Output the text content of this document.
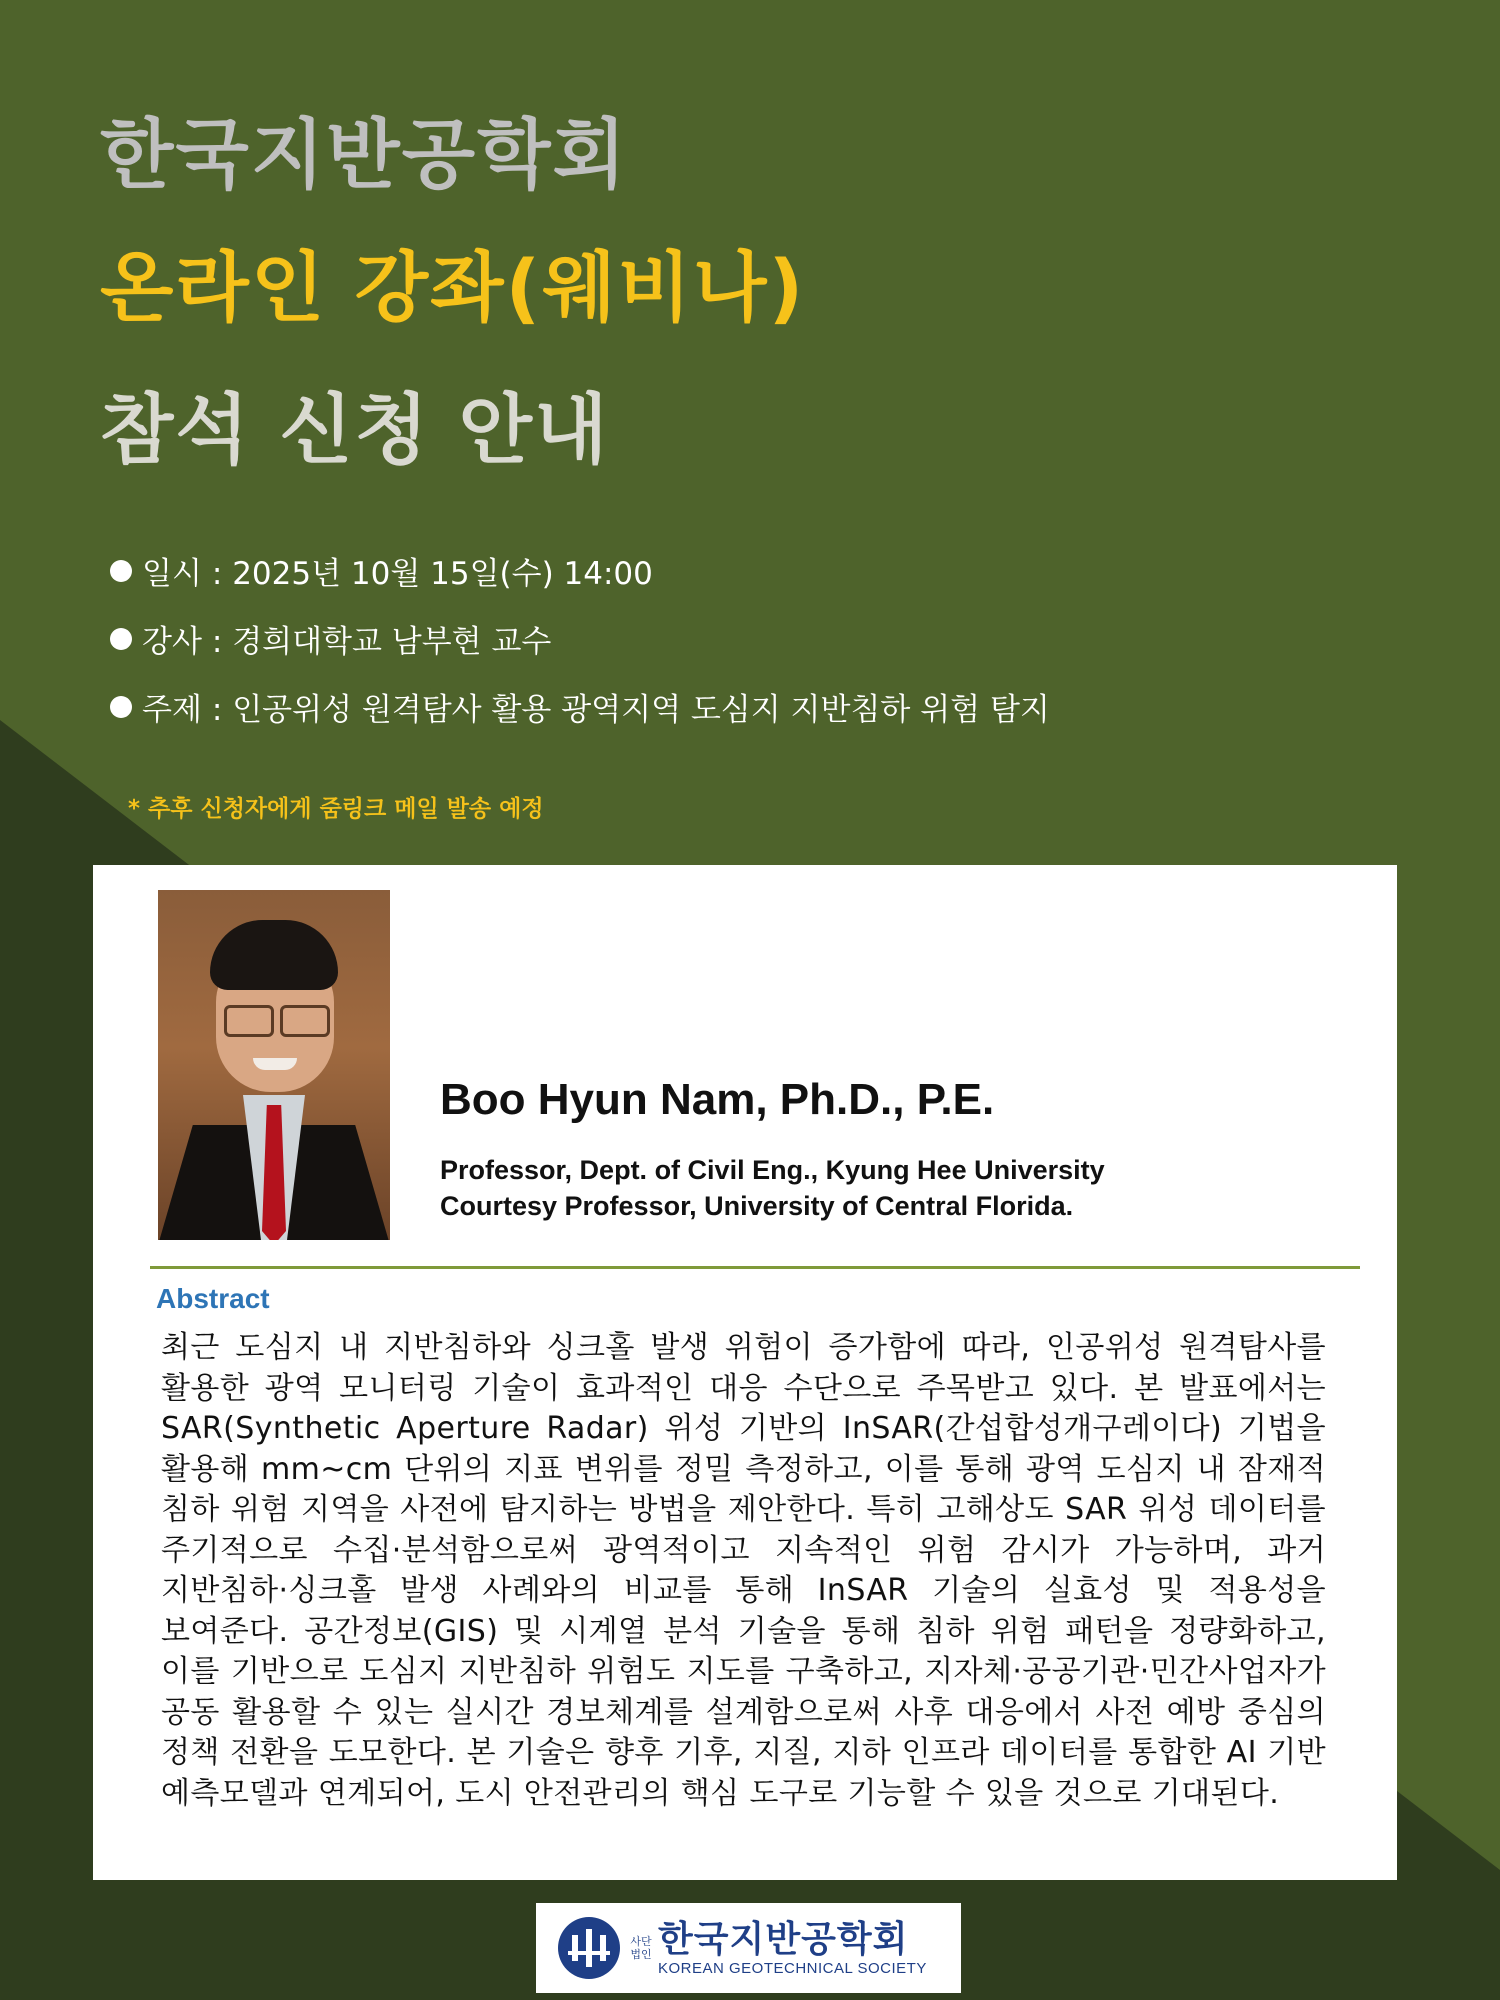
한국지반공학회
온라인 강좌(웨비나)
참석 신청 안내
일시 : 2025년 10월 15일(수) 14:00
강사 : 경희대학교 남부현 교수
주제 : 인공위성 원격탐사 활용 광역지역 도심지 지반침하 위험 탐지
* 추후 신청자에게 줌링크 메일 발송 예정
Boo Hyun Nam, Ph.D., P.E.
Professor, Dept. of Civil Eng., Kyung Hee University
Courtesy Professor, University of Central Florida.
Abstract
최근 도심지 내 지반침하와 싱크홀 발생 위험이 증가함에 따라, 인공위성 원격탐사를 활용한 광역 모니터링 기술이 효과적인 대응 수단으로 주목받고 있다. 본 발표에서는 SAR(Synthetic Aperture Radar) 위성 기반의 InSAR(간섭합성개구레이다) 기법을 활용해 mm~cm 단위의 지표 변위를 정밀 측정하고, 이를 통해 광역 도심지 내 잠재적 침하 위험 지역을 사전에 탐지하는 방법을 제안한다. 특히 고해상도 SAR 위성 데이터를 주기적으로 수집·분석함으로써 광역적이고 지속적인 위험 감시가 가능하며, 과거 지반침하·싱크홀 발생 사례와의 비교를 통해 InSAR 기술의 실효성 및 적용성을 보여준다. 공간정보(GIS) 및 시계열 분석 기술을 통해 침하 위험 패턴을 정량화하고, 이를 기반으로 도심지 지반침하 위험도 지도를 구축하고, 지자체·공공기관·민간사업자가 공동 활용할 수 있는 실시간 경보체계를 설계함으로써 사후 대응에서 사전 예방 중심의 정책 전환을 도모한다. 본 기술은 향후 기후, 지질, 지하 인프라 데이터를 통합한 AI 기반 예측모델과 연계되어, 도시 안전관리의 핵심 도구로 기능할 수 있을 것으로 기대된다.
사단
법인 한국지반공학회
KOREAN GEOTECHNICAL SOCIETY
